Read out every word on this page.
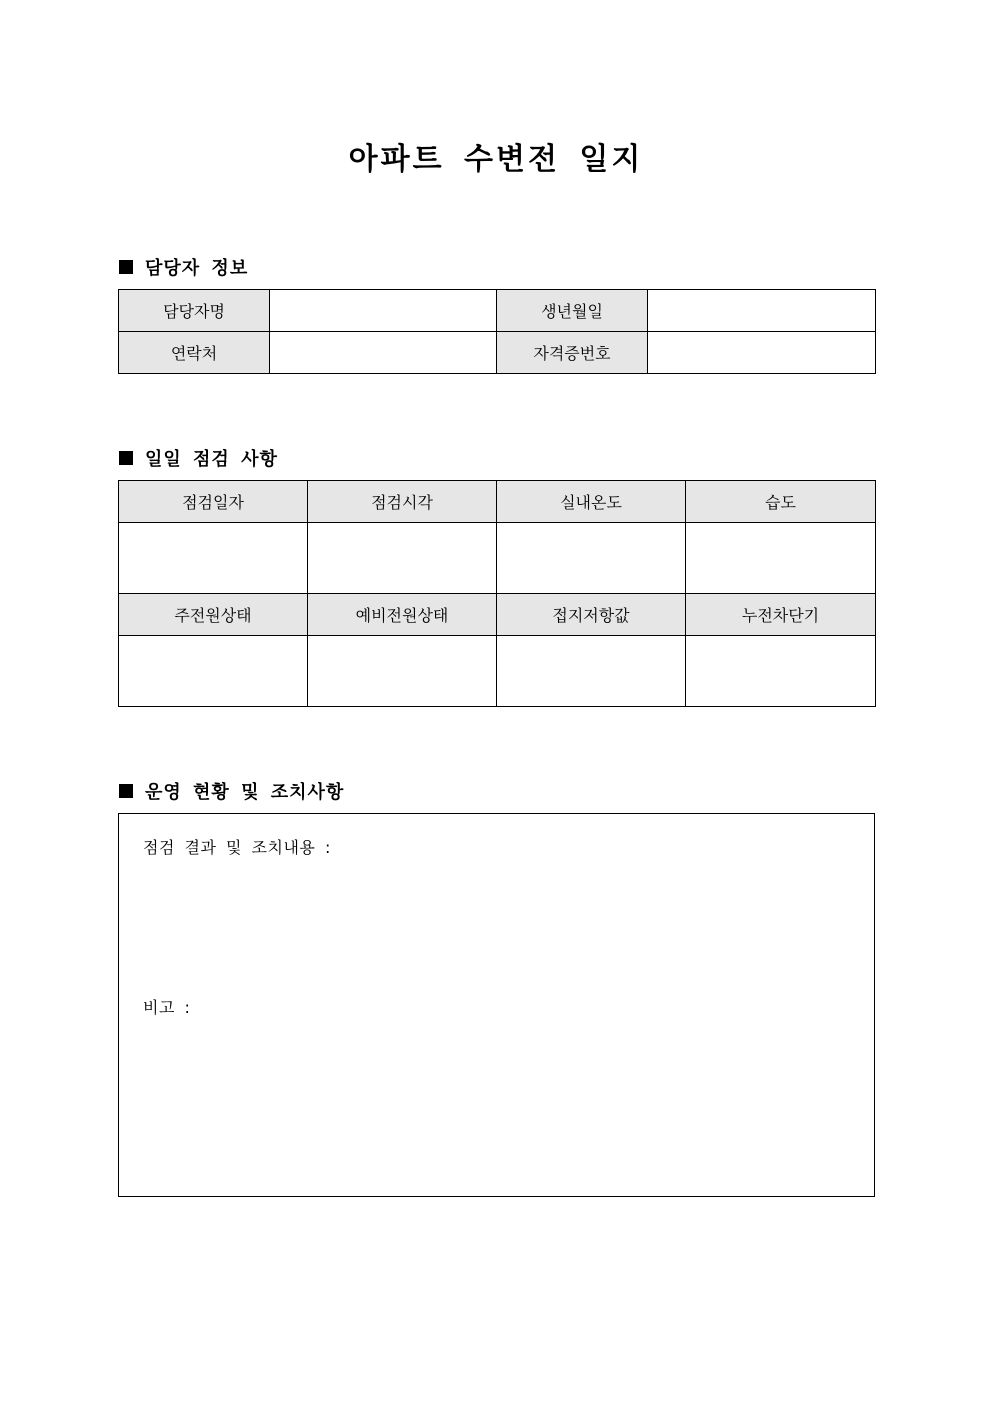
아파트 수변전 일지
담당자 정보
담당자명		생년월일	
연락처		자격증번호	
일일 점검 사항
점검일자	점검시각	실내온도	습도

주전원상태	예비전원상태	접지저항값	누전차단기

운영 현황 및 조치사항
점검 결과 및 조치내용 :
비고 :
